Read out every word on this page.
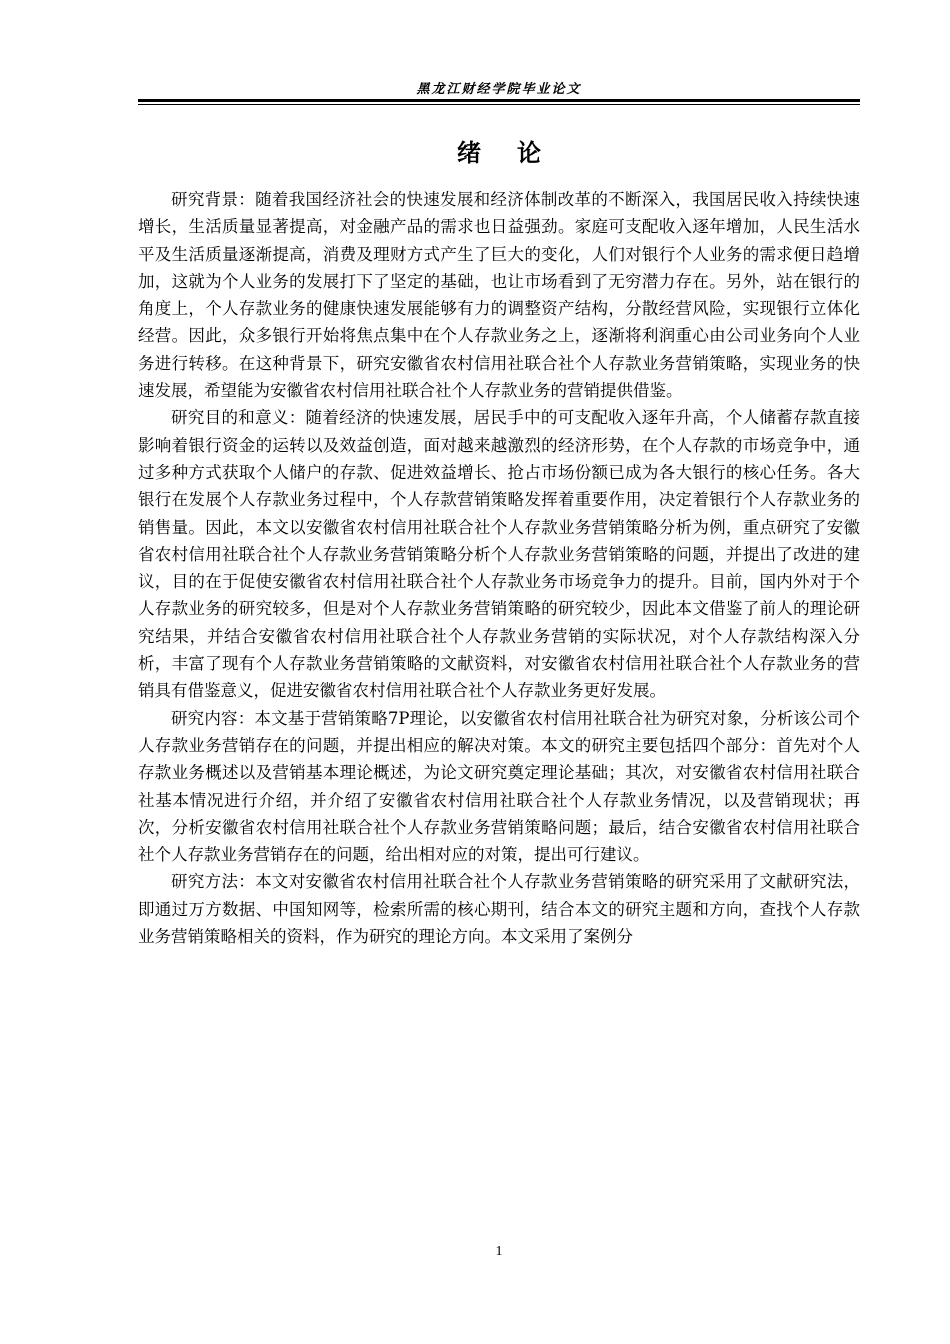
黑龙江财经学院毕业论文
绪论

研究背景：随着我国经济社会的快速发展和经济体制改革的不断深入，我国居民收入持续快速增长，生活质量显著提高，对金融产品的需求也日益强劲。家庭可支配收入逐年增加，人民生活水平及生活质量逐渐提高，消费及理财方式产生了巨大的变化，人们对银行个人业务的需求便日趋增加，这就为个人业务的发展打下了坚定的基础，也让市场看到了无穷潜力存在。另外，站在银行的角度上，个人存款业务的健康快速发展能够有力的调整资产结构，分散经营风险，实现银行立体化经营。因此，众多银行开始将焦点集中在个人存款业务之上，逐渐将利润重心由公司业务向个人业务进行转移。在这种背景下，研究安徽省农村信用社联合社个人存款业务营销策略，实现业务的快速发展，希望能为安徽省农村信用社联合社个人存款业务的营销提供借鉴。

研究目的和意义：随着经济的快速发展，居民手中的可支配收入逐年升高，个人储蓄存款直接影响着银行资金的运转以及效益创造，面对越来越激烈的经济形势，在个人存款的市场竞争中，通过多种方式获取个人储户的存款、促进效益增长、抢占市场份额已成为各大银行的核心任务。各大银行在发展个人存款业务过程中，个人存款营销策略发挥着重要作用，决定着银行个人存款业务的销售量。因此，本文以安徽省农村信用社联合社个人存款业务营销策略分析为例，重点研究了安徽省农村信用社联合社个人存款业务营销策略分析个人存款业务营销策略的问题，并提出了改进的建议，目的在于促使安徽省农村信用社联合社个人存款业务市场竞争力的提升。目前，国内外对于个人存款业务的研究较多，但是对个人存款业务营销策略的研究较少，因此本文借鉴了前人的理论研究结果，并结合安徽省农村信用社联合社个人存款业务营销的实际状况，对个人存款结构深入分析，丰富了现有个人存款业务营销策略的文献资料，对安徽省农村信用社联合社个人存款业务的营销具有借鉴意义，促进安徽省农村信用社联合社个人存款业务更好发展。

研究内容：本文基于营销策略7P理论，以安徽省农村信用社联合社为研究对象，分析该公司个人存款业务营销存在的问题，并提出相应的解决对策。本文的研究主要包括四个部分：首先对个人存款业务概述以及营销基本理论概述，为论文研究奠定理论基础；其次，对安徽省农村信用社联合社基本情况进行介绍，并介绍了安徽省农村信用社联合社个人存款业务情况，以及营销现状；再次，分析安徽省农村信用社联合社个人存款业务营销策略问题；最后，结合安徽省农村信用社联合社个人存款业务营销存在的问题，给出相对应的对策，提出可行建议。

研究方法：本文对安徽省农村信用社联合社个人存款业务营销策略的研究采用了文献研究法，即通过万方数据、中国知网等，检索所需的核心期刊，结合本文的研究主题和方向，查找个人存款业务营销策略相关的资料，作为研究的理论方向。本文采用了案例分

1
